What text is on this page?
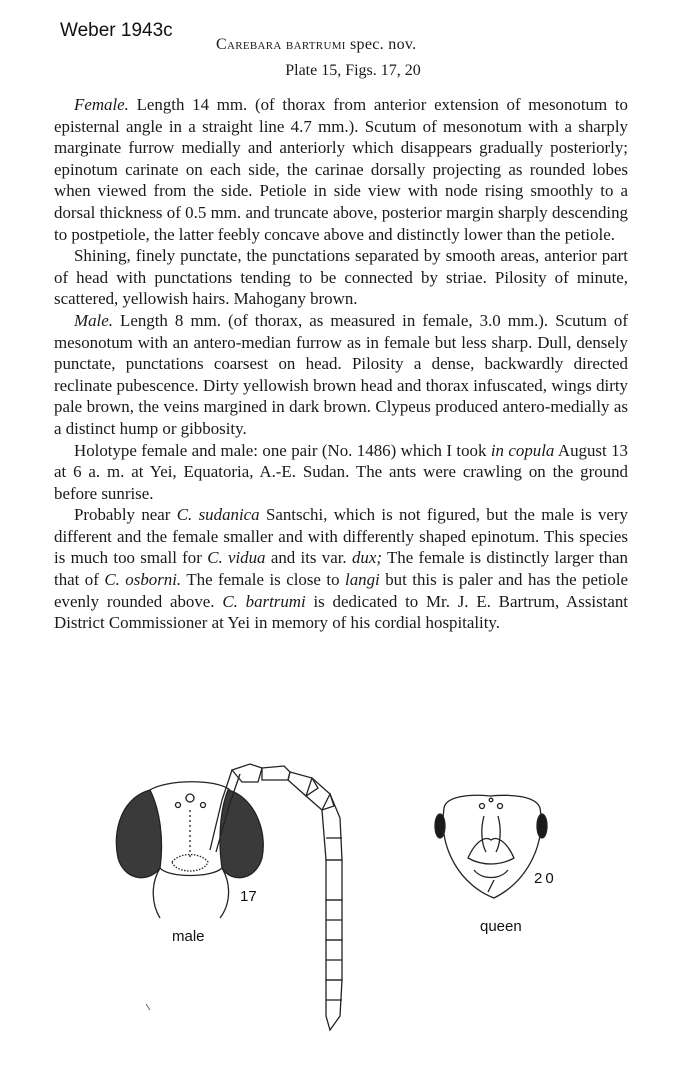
Weber 1943c
Carebara bartrumi spec. nov.
Plate 15, Figs. 17, 20

Female. Length 14 mm. (of thorax from anterior extension of mesonotum to episternal angle in a straight line 4.7 mm.). Scutum of mesonotum with a sharply marginate furrow medially and anteriorly which disappears gradually posteriorly; epinotum carinate on each side, the carinae dorsally projecting as rounded lobes when viewed from the side. Petiole in side view with node rising smoothly to a dorsal thickness of 0.5 mm. and truncate above, posterior margin sharply descending to postpetiole, the latter feebly concave above and distinctly lower than the petiole.

Shining, finely punctate, the punctations separated by smooth areas, anterior part of head with punctations tending to be connected by striae. Pilosity of minute, scattered, yellowish hairs. Mahogany brown.

Male. Length 8 mm. (of thorax, as measured in female, 3.0 mm.). Scutum of mesonotum with an antero-median furrow as in female but less sharp. Dull, densely punctate, punctations coarsest on head. Pilosity a dense, backwardly directed reclinate pubescence. Dirty yellowish brown head and thorax infuscated, wings dirty pale brown, the veins margined in dark brown. Clypeus produced antero-medially as a distinct hump or gibbosity.

Holotype female and male: one pair (No. 1486) which I took in copula August 13 at 6 a. m. at Yei, Equatoria, A.-E. Sudan. The ants were crawling on the ground before sunrise.

Probably near C. sudanica Santschi, which is not figured, but the male is very different and the female smaller and with differently shaped epinotum. This species is much too small for C. vidua and its var. dux; The female is distinctly larger than that of C. osborni. The female is close to langi but this is paler and has the petiole evenly rounded above. C. bartrumi is dedicated to Mr. J. E. Bartrum, Assistant District Commissioner at Yei in memory of his cordial hospitality.

17
male
20
queen
